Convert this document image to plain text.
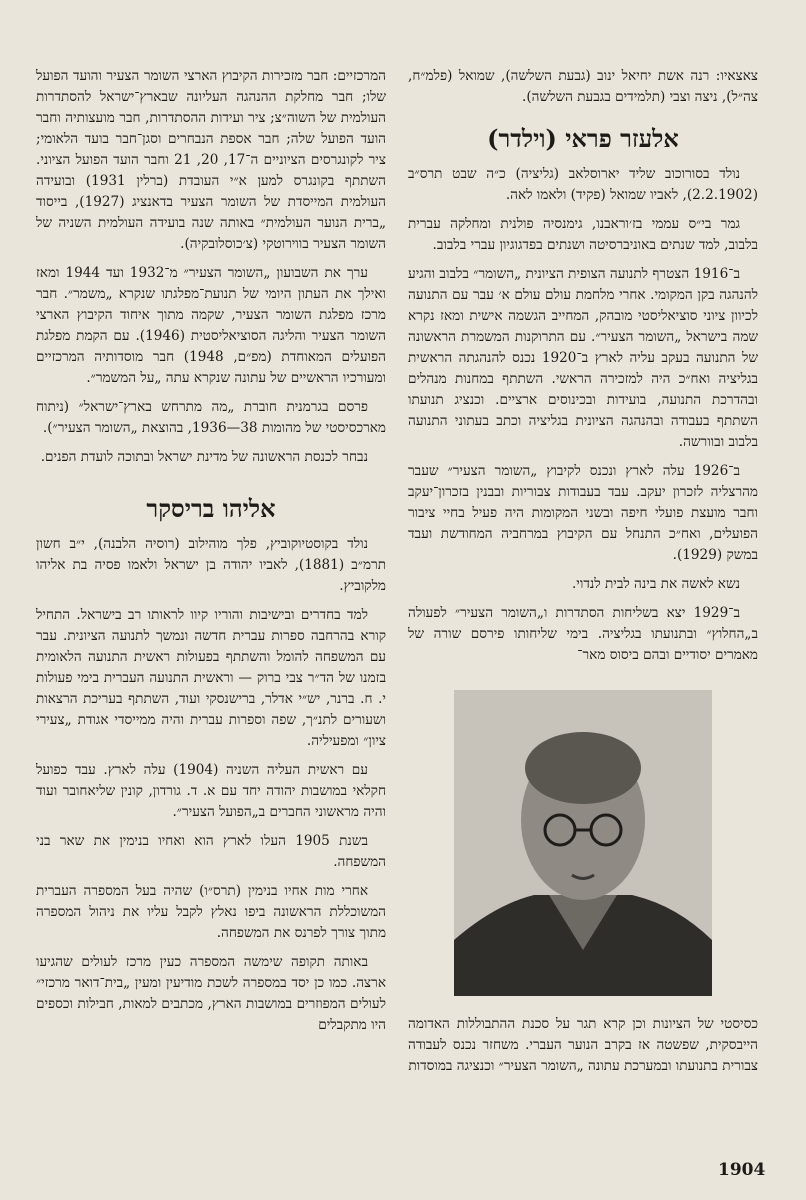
צאצאיו: רנה אשת יחיאל ינוב (גבעת השלשה), שמואל (פלמ״ח, צה״ל), ניצה וצבי (תלמידים בגבעת השלשה).

אלעזר פראי (וילדר)

נולד בסורוכוב שליד יארוסלאב (גליציה) כ״ה שבט תרס״ב (2.2.1902), לאביו שמואל (פקיד) ולאמו לאה.

גמר בי״ס עממי בז׳וראבנו, גימנסיה פולנית ומחלקה עברית בלבוב, למד שנתים באוניברסיטה ושנתים בפדגוגיון עברי בלבוב.

ב־1916 הצטרף לתנועה הצופית הציונית „השומר״ בלבוב והגיע להנהגה בקן המקומי. אחרי מלחמת עולם עולם א׳ עבר עם התנועה לכיוון ציוני סוציאליסטי מובהק, המחייב הגשמה אישית ומאז נקרא שמה בישראל „השומר הצעיר״. עם התרוקנות המשמרת הראשונה של התנועה בעקב עליה לארץ ב־1920 נכנס להנהגתה הראשית בגליציה ואח״כ היה למזכירה הראשי. השתתף במחנות מנהלים ובהדרכת התנועה, בועידות ובכינוסים ארציים. וכנציג תנועתו השתתף בעבודה ובהנהגה הציונית בגליציה וכתב בעתוני התנועה בלבוב ובוורשה.

ב־1926 עלה לארץ ונכנס לקיבוץ „השומר הצעיר״ שעבר מהרצליה לזכרון יעקב. עבד בעבודות צבוריות ובבנין בזכרון־יעקב וחבר מועצת פועלי חיפה ובשני המקומות היה פעיל בחיי ציבור הפועלים, ואח״כ התנחל עם הקיבוץ במרחביה המחודשת ועבד במשק (1929).

נשא לאשה את בינה לבית לנדוי.

ב־1929 יצא בשליחות הסתדרות ו„השומר הצעיר״ לפעולה ב„החלוץ״ ובתנועתו בגליציה. בימי שליחותו פירסם שורה של מאמרים יסודיים ובהם ביסוס מאר־

כסיסטי של הציונות וכן קרא תגר על סכנת ההתבוללות האדומה הייבסקית, שפשטה אז בקרב הנוער העברי. משחזר נכנס לעבודה צבורית בתנועתו ובמערכת עתונה „השומר הצעיר״ וכנציגה במוסדות

המרכזיים: חבר מזכירות הקיבוץ הארצי השומר הצעיר והועד הפועל שלו; חבר מחלקת ההנהגה העליונה שבארץ־ישראל להסתדרות העולמית של השוה״צ; ציר ועידות ההסתדרות, חבר מועצותיה וחבר הועד הפועל שלה; חבר אספת הנבחרים וסגן־חבר בועד הלאומי; ציר לקונגרסים הציוניים ה־17, 20, 21 וחבר הועד הפועל הציוני. השתתף בקונגרס למען א״י העובדת (ברלין 1931) ובועידה העולמית המייסדת של השומר הצעיר בדאנציג (1927), בייסוד „ברית הנוער העולמית״ באותה שנה בועידה העולמית השניה של השומר הצעיר בווירוטקי (צ׳כוסלובקיה).

ערך את השבועון „השומר הצעיר״ מ־1932 ועד 1944 ומאז ואילך את העתון היומי של תנועת־מפלגתו שנקרא „משמר״. חבר מרכז מפלגת השומר הצעיר, שקמה מתוך איחוד הקיבוץ הארצי השומר הצעיר והליגה הסוציאליסטית (1946). עם הקמת מפלגת הפועלים המאוחדת (מפ״ם, 1948) חבר מוסדותיה המרכזיים ומעורכיו הראשיים של עתונה שנקרא עתה „על המשמר״.

פרסם בגרמנית חוברת „מה מתרחש בארץ־ישראל״ (ניתוח מארכסיסטי של מהומות 38—1936, בהוצאת „השומר הצעיר״).

נבחר לכנסת הראשונה של מדינת ישראל ובתוכה לועדת הפנים.

אליהו בריסקר

נולד בקוסטיוקוביץ, פלך מוהילוב (רוסיה הלבנה), י״ב חשון תרמ״ב (1881), לאביו יהודה בן ישראל ולאמו פסיה בת אליהו מלקוביץ.

למד בחדרים ובישיבות והוריו קיוו לראותו רב בישראל. התחיל קורא בהרחבה ספרות עברית חדשה ונמשך לתנועה הציונית. עבר עם המשפחה להומל והשתתף בפעולות ראשית התנועה הלאומית בזמנו של הד״ר צבי ברוק — וראשית התנועה העברית בימי פעולות י. ח. ברנר, יש״י אדלר, ברישנסקי ועוד, השתתף בעריכת הרצאות ושעורים לתנ״ך, שפה וספרות עברית והיה ממייסדי אגודת „צעירי ציון״ ומפעיליה.

עם ראשית העליה השניה (1904) עלה לארץ. עבד כפועל חקלאי במושבות יהודה יחד עם א. ד. גורדון, קונין שליאחובר ועוד והיה מראשוני החברים ב„הפועל הצעיר״.

בשנת 1905 העלו לארץ הוא ואחיו בנימין את שאר בני המשפחה.

אחרי מות אחיו בנימין (תרס״ו) שהיה בעל המספרה העברית המשוכללת הראשונה ביפו נאלץ לקבל עליו את ניהול המספרה מתוך צורך לפרנס את המשפחה.

באותה תקופה שימשה המספרה כעין מרכז לעולים שהגיעו ארצה. כמו כן יסד במספרה לשכת מודיעין ומעין „בית־דואר מרכזי״ לעולים המפוזרים במושבות הארץ, מכתבים למאות, חבילות וכספים היו מתקבלים

1904
